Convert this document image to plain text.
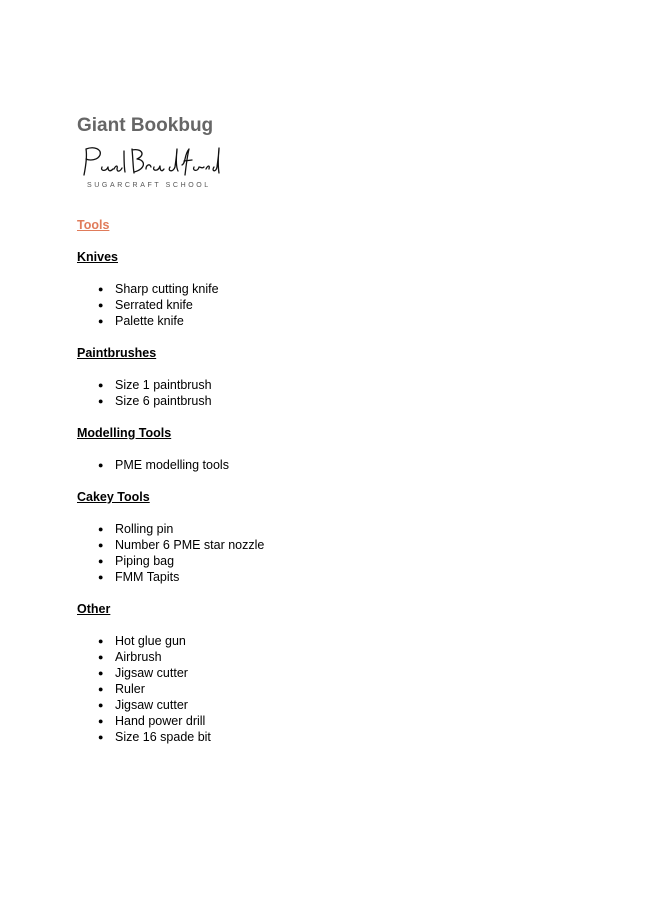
Giant Bookbug
SUGARCRAFT SCHOOL

Tools

Knives

● Sharp cutting knife
● Serrated knife
● Palette knife

Paintbrushes

● Size 1 paintbrush
● Size 6 paintbrush

Modelling Tools

● PME modelling tools

Cakey Tools

● Rolling pin
● Number 6 PME star nozzle
● Piping bag
● FMM Tapits

Other

● Hot glue gun
● Airbrush
● Jigsaw cutter
● Ruler
● Jigsaw cutter
● Hand power drill
● Size 16 spade bit
